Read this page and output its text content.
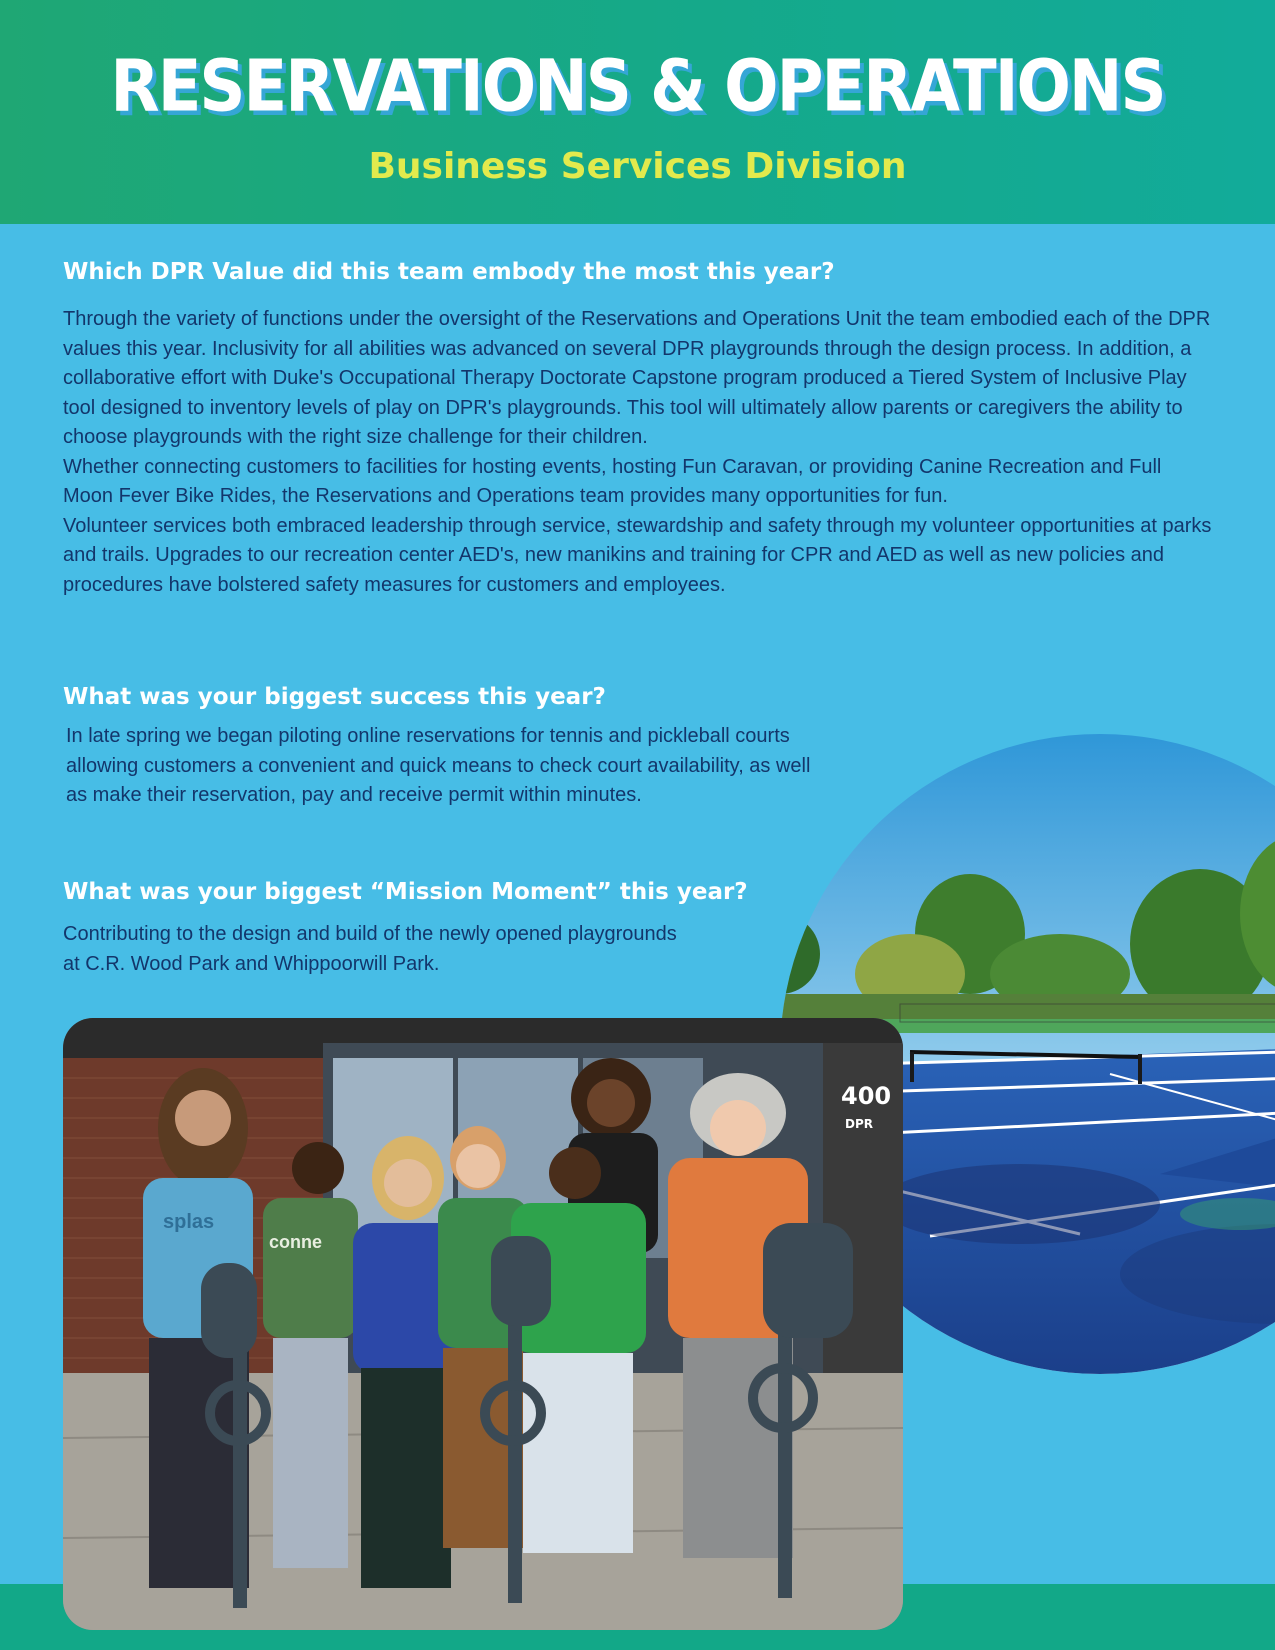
RESERVATIONS & OPERATIONS
Business Services Division
Which DPR Value did this team embody the most this year?

Through the variety of functions under the oversight of the Reservations and Operations Unit the team embodied each of the DPR values this year. Inclusivity for all abilities was advanced on several DPR playgrounds through the design process. In addition, a collaborative effort with Duke's Occupational Therapy Doctorate Capstone program produced a Tiered System of Inclusive Play tool designed to inventory levels of play on DPR's playgrounds. This tool will ultimately allow parents or caregivers the ability to choose playgrounds with the right size challenge for their children.

Whether connecting customers to facilities for hosting events, hosting Fun Caravan, or providing Canine Recreation and Full Moon Fever Bike Rides, the Reservations and Operations team provides many opportunities for fun.

Volunteer services both embraced leadership through service, stewardship and safety through my volunteer opportunities at parks and trails. Upgrades to our recreation center AED's, new manikins and training for CPR and AED as well as new policies and procedures have bolstered safety measures for customers and employees.

What was your biggest success this year?

In late spring we began piloting online reservations for tennis and pickleball courts allowing customers a convenient and quick means to check court availability, as well as make their reservation, pay and receive permit within minutes.

What was your biggest “Mission Moment” this year?

Contributing to the design and build of the newly opened playgrounds at C.R. Wood Park and Whippoorwill Park.

400
DPR
splas
conne
